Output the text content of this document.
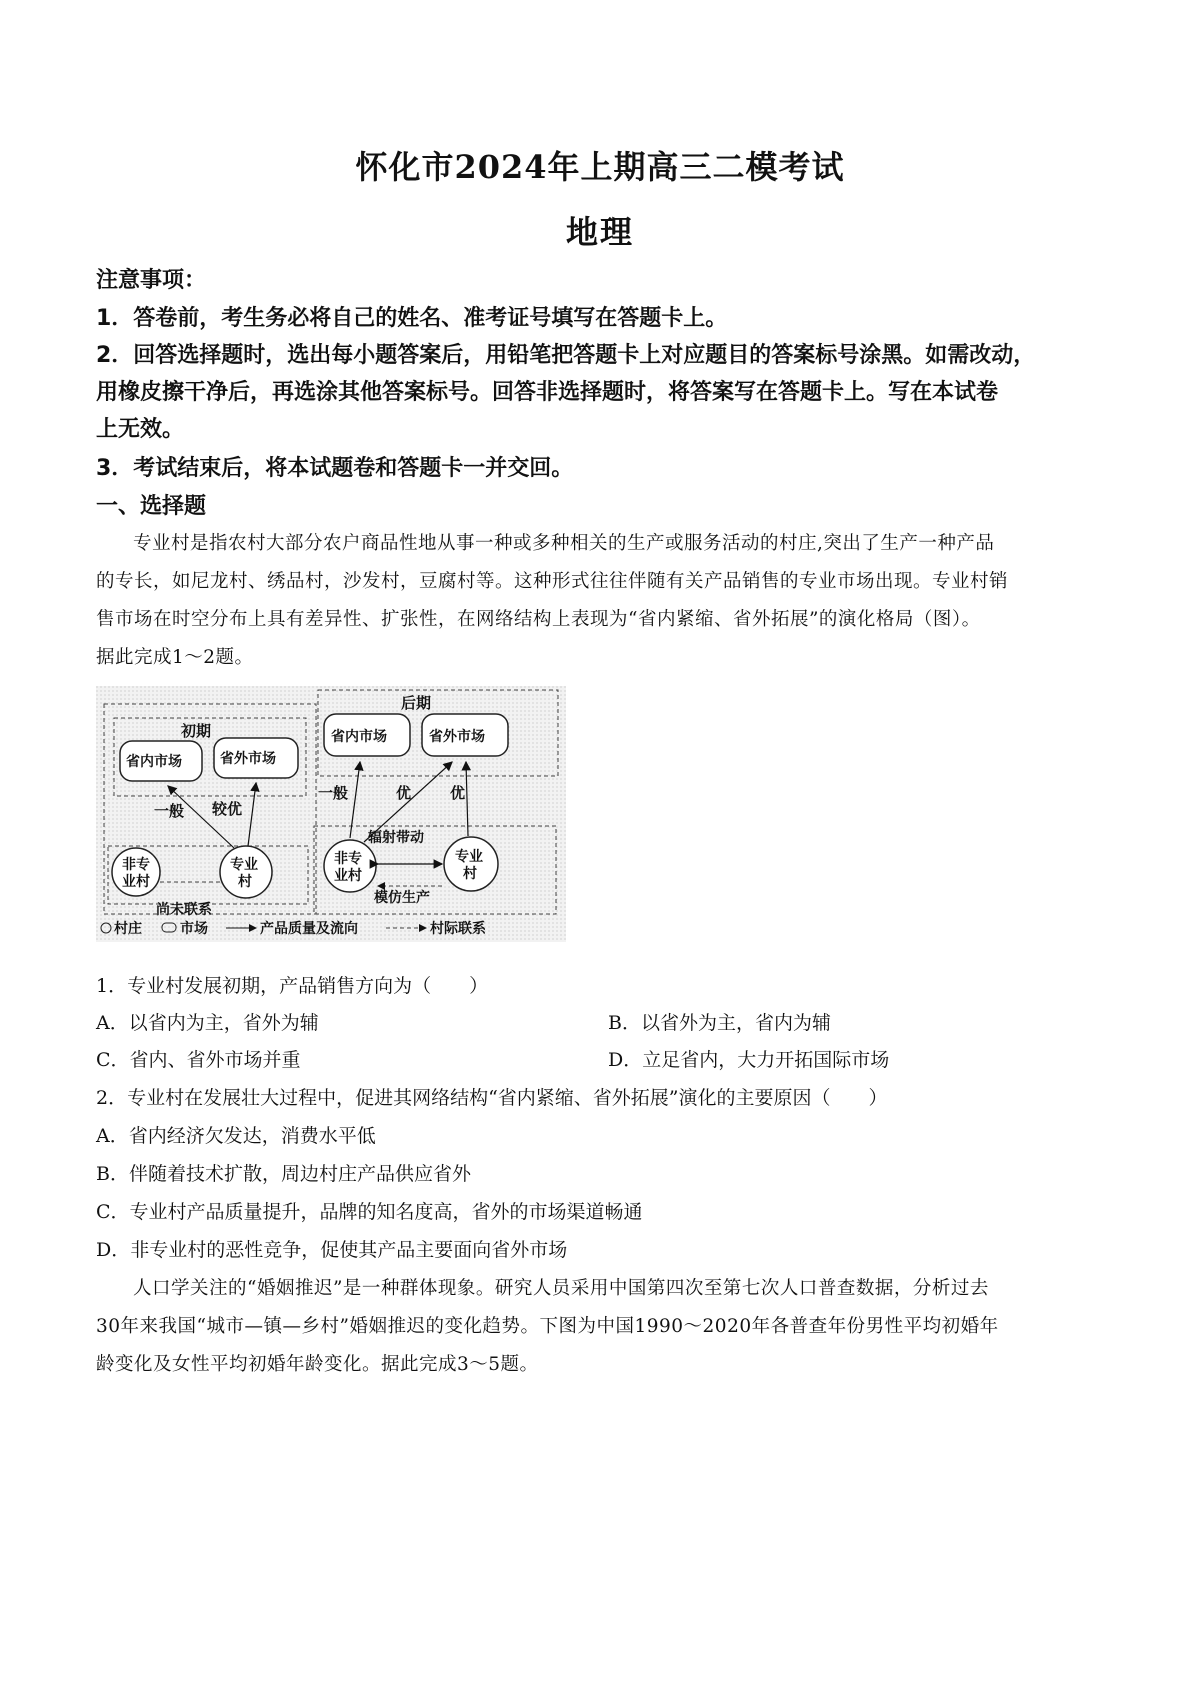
怀化市2024年上期高三二模考试
地理
注意事项：
1．答卷前，考生务必将自己的姓名、准考证号填写在答题卡上。
2．回答选择题时，选出每小题答案后，用铅笔把答题卡上对应题目的答案标号涂黑。如需改动，
用橡皮擦干净后，再选涂其他答案标号。回答非选择题时，将答案写在答题卡上。写在本试卷
上无效。
3．考试结束后，将本试题卷和答题卡一并交回。
一、选择题
专业村是指农村大部分农户商品性地从事一种或多种相关的生产或服务活动的村庄,突出了生产一种产品
的专长，如尼龙村、绣品村，沙发村，豆腐村等。这种形式往往伴随有关产品销售的专业市场出现。专业村销
售市场在时空分布上具有差异性、扩张性，在网络结构上表现为“省内紧缩、省外拓展”的演化格局（图）。
据此完成1～2题。
初期
省内市场	省外市场
非专
业村
专业
村
尚未联系
一般 较优
后期
省内市场	省外市场
非专
业村
专业
村
辐射带动
模仿生产
一般	优	优
村庄	市场	产品质量及流向	村际联系
1．专业村发展初期，产品销售方向为（　　）
A．以省内为主，省外为辅	B．以省外为主，省内为辅
C．省内、省外市场并重	D．立足省内，大力开拓国际市场
2．专业村在发展壮大过程中，促进其网络结构“省内紧缩、省外拓展”演化的主要原因（　　）
A．省内经济欠发达，消费水平低
B．伴随着技术扩散，周边村庄产品供应省外
C．专业村产品质量提升，品牌的知名度高，省外的市场渠道畅通
D．非专业村的恶性竞争，促使其产品主要面向省外市场
人口学关注的“婚姻推迟”是一种群体现象。研究人员采用中国第四次至第七次人口普查数据，分析过去
30年来我国“城市—镇—乡村”婚姻推迟的变化趋势。下图为中国1990～2020年各普查年份男性平均初婚年
龄变化及女性平均初婚年龄变化。据此完成3～5题。
